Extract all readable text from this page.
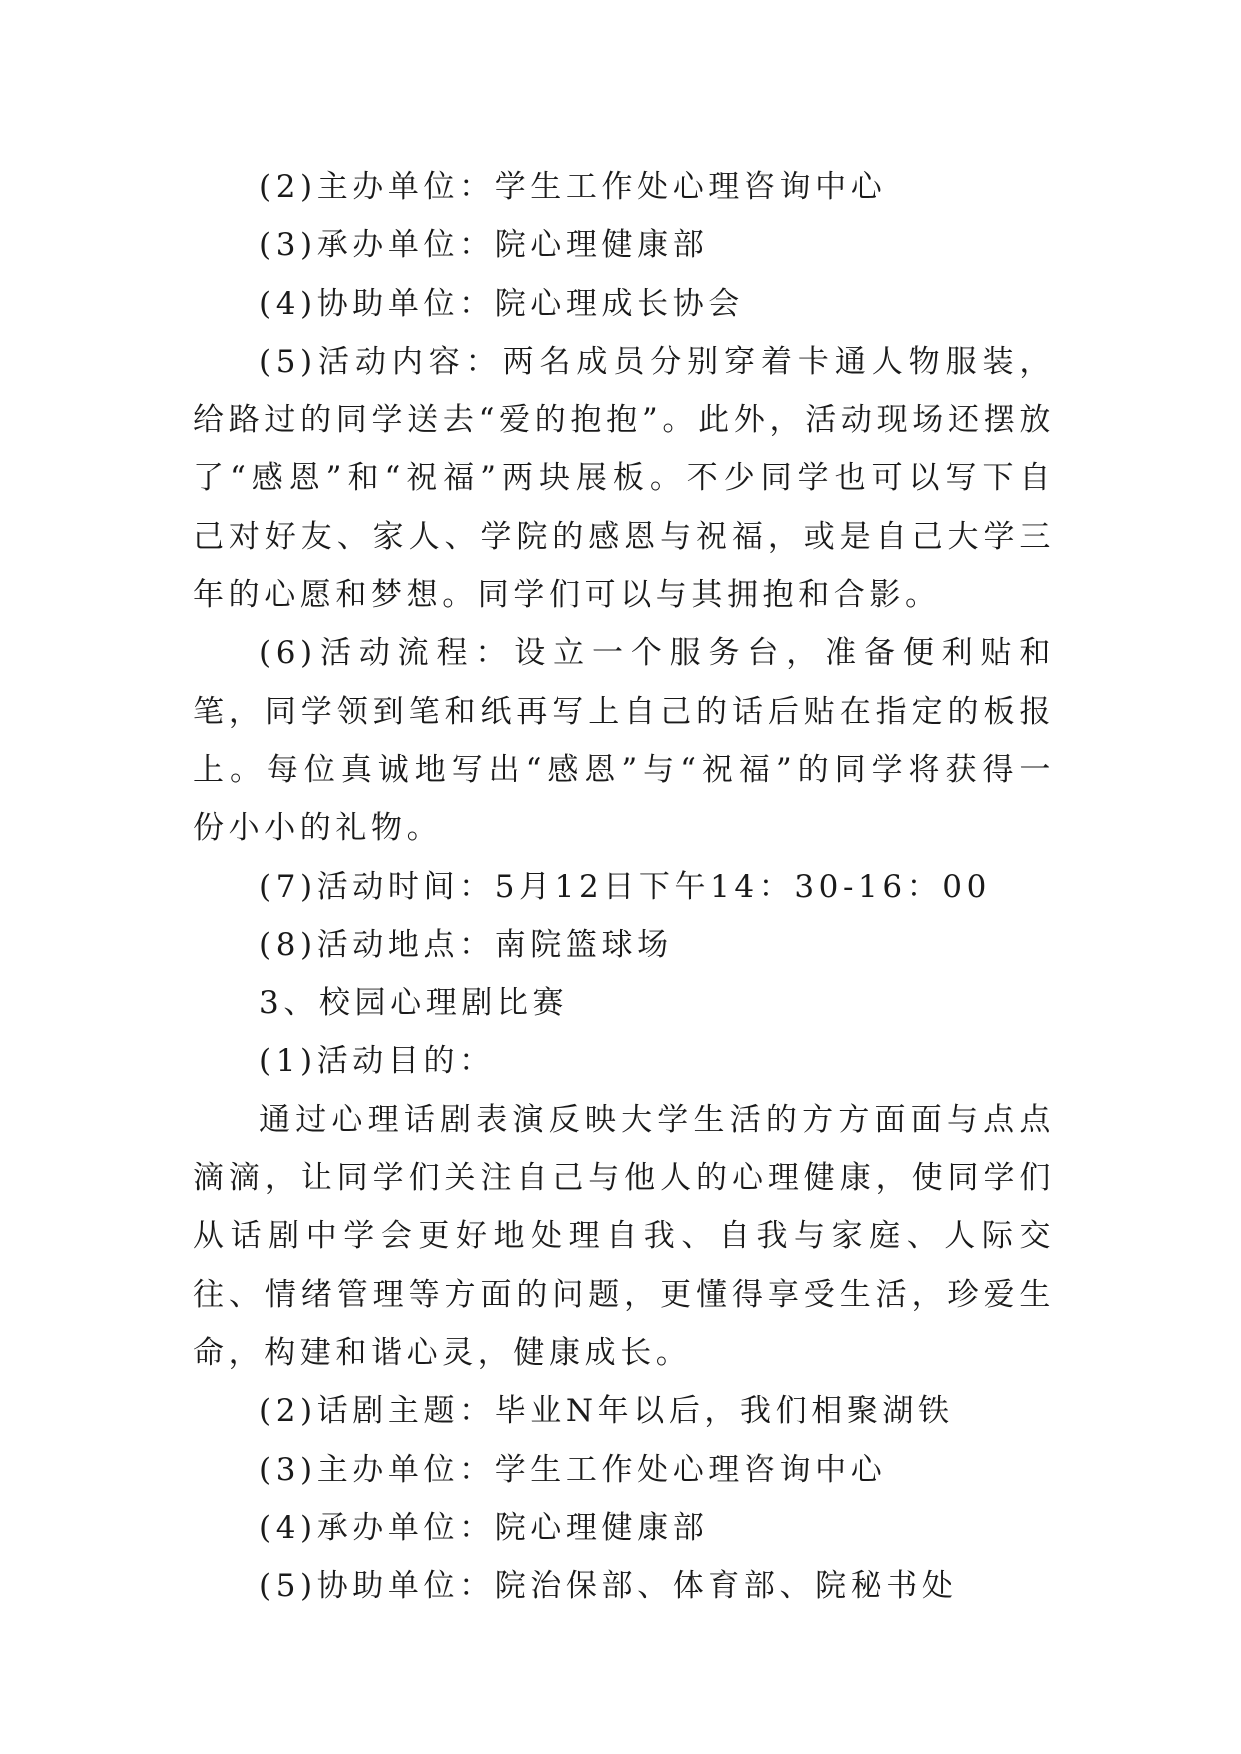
(2)主办单位：学生工作处心理咨询中心

(3)承办单位：院心理健康部

(4)协助单位：院心理成长协会

(5)活动内容：两名成员分别穿着卡通人物服装，给路过的同学送去“爱的抱抱”。此外，活动现场还摆放了“感恩”和“祝福”两块展板。不少同学也可以写下自己对好友、家人、学院的感恩与祝福，或是自己大学三年的心愿和梦想。同学们可以与其拥抱和合影。

(6)活动流程：设立一个服务台，准备便利贴和笔，同学领到笔和纸再写上自己的话后贴在指定的板报上。每位真诚地写出“感恩”与“祝福”的同学将获得一份小小的礼物。

(7)活动时间：5月12日下午14：30-16：00

(8)活动地点：南院篮球场

3、校园心理剧比赛

(1)活动目的：

通过心理话剧表演反映大学生活的方方面面与点点滴滴，让同学们关注自己与他人的心理健康，使同学们从话剧中学会更好地处理自我、自我与家庭、人际交往、情绪管理等方面的问题，更懂得享受生活，珍爱生命，构建和谐心灵，健康成长。

(2)话剧主题：毕业N年以后，我们相聚湖铁

(3)主办单位：学生工作处心理咨询中心

(4)承办单位：院心理健康部

(5)协助单位：院治保部、体育部、院秘书处
